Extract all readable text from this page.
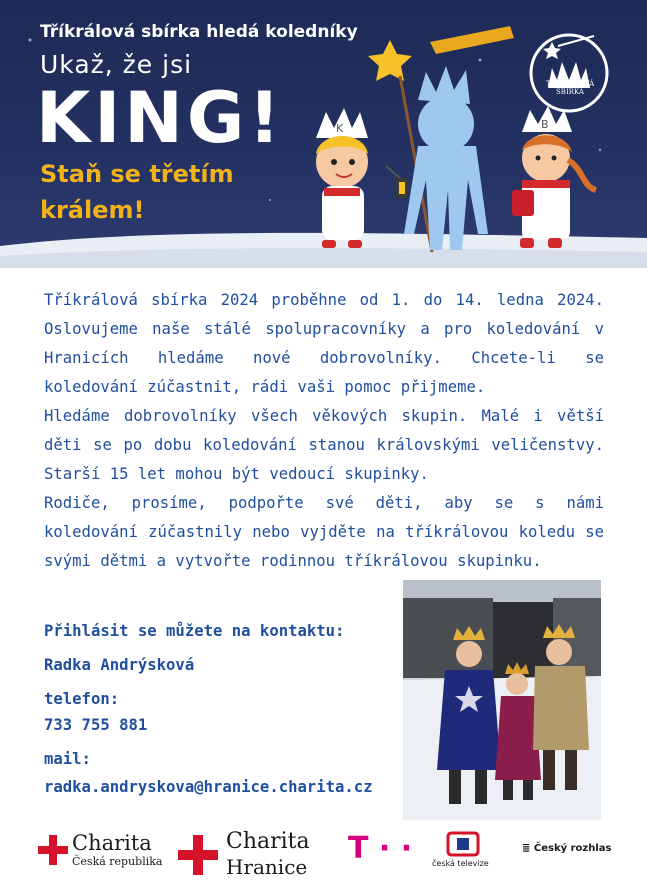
Tříkrálová sbírka hledá koledníky
Ukaž, že jsi
KING!
Staň se třetím
králem!
K	B
TŘÍKRÁLOVÁ SBÍRKA

Tříkrálová sbírka 2024 proběhne od 1. do 14. ledna 2024. Oslovujeme naše stálé spolupracovníky a pro koledování v Hranicích hledáme nové dobrovolníky. Chcete-li se koledování zúčastnit, rádi vaši pomoc přijmeme.

Hledáme dobrovolníky všech věkových skupin. Malé i větší děti se po dobu koledování stanou královskými veličenstvy. Starší 15 let mohou být vedoucí skupinky.

Rodiče, prosíme, podpořte své děti, aby se s námi koledování zúčastnily nebo vyjděte na tříkrálovou koledu se svými dětmi a vytvořte rodinnou tříkrálovou skupinku.

Přihlásit se můžete na kontaktu:
Radka Andrýsková
telefon:
733 755 881
mail:
radka.andryskova@hranice.charita.cz
Charita
Česká republika
Charita
Hranice
T · · česká televize
≣ Český rozhlas
